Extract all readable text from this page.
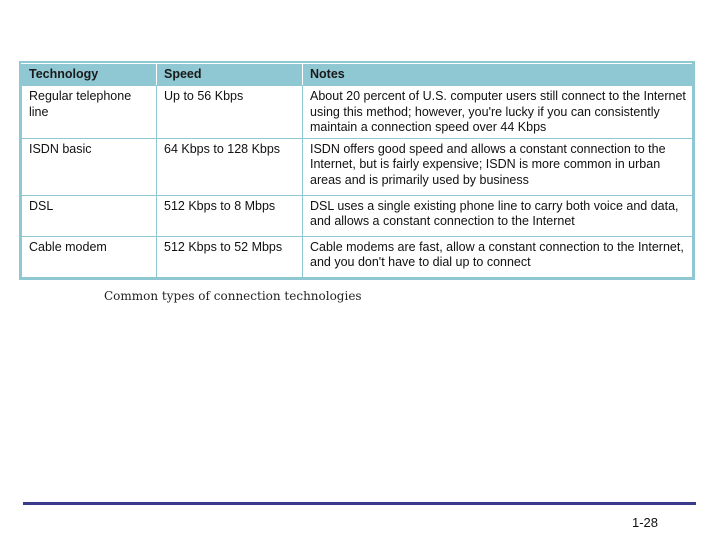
Technology	Speed	Notes
Regular telephone line	Up to 56 Kbps	About 20 percent of U.S. computer users still connect to the Internet using this method; however, you're lucky if you can consistently maintain a connection speed over 44 Kbps
ISDN basic	64 Kbps to 128 Kbps	ISDN offers good speed and allows a constant connection to the Internet, but is fairly expensive; ISDN is more common in urban areas and is primarily used by business
DSL	512 Kbps to 8 Mbps	DSL uses a single existing phone line to carry both voice and data, and allows a constant connection to the Internet
Cable modem	512 Kbps to 52 Mbps	Cable modems are fast, allow a constant connection to the Internet, and you don't have to dial up to connect
Common types of connection technologies
1-28
